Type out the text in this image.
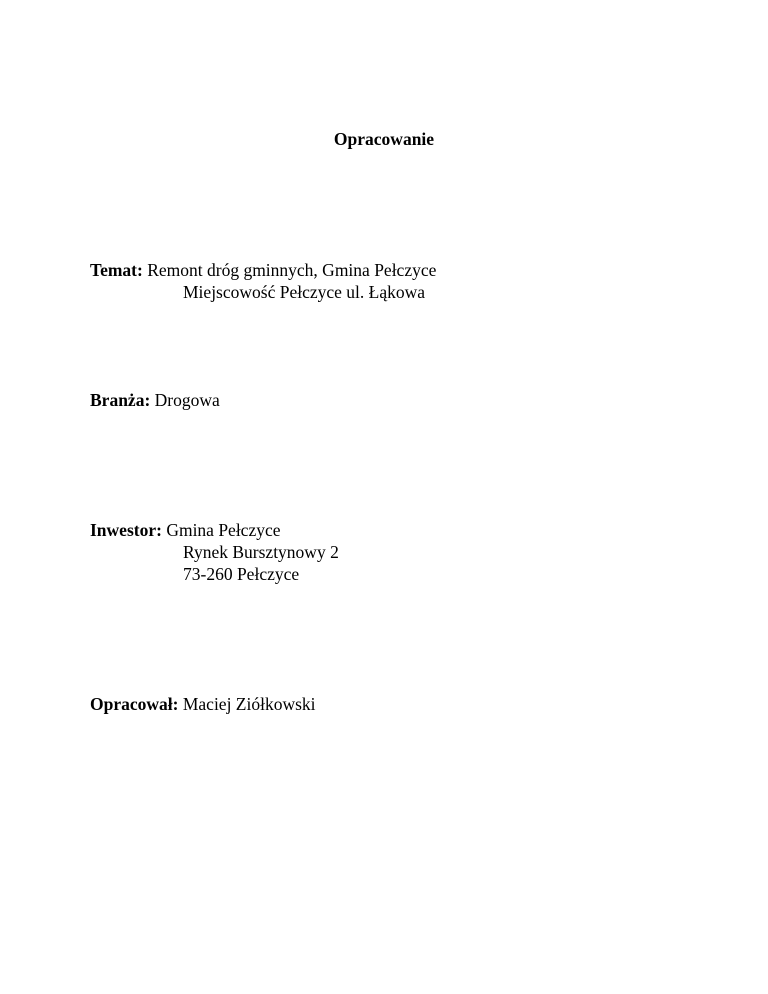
Opracowanie
Temat: Remont dróg gminnych, Gmina Pełczyce
Miejscowość Pełczyce ul. Łąkowa
Branża: Drogowa
Inwestor: Gmina Pełczyce
Rynek Bursztynowy 2
73-260 Pełczyce
Opracował: Maciej Ziółkowski
